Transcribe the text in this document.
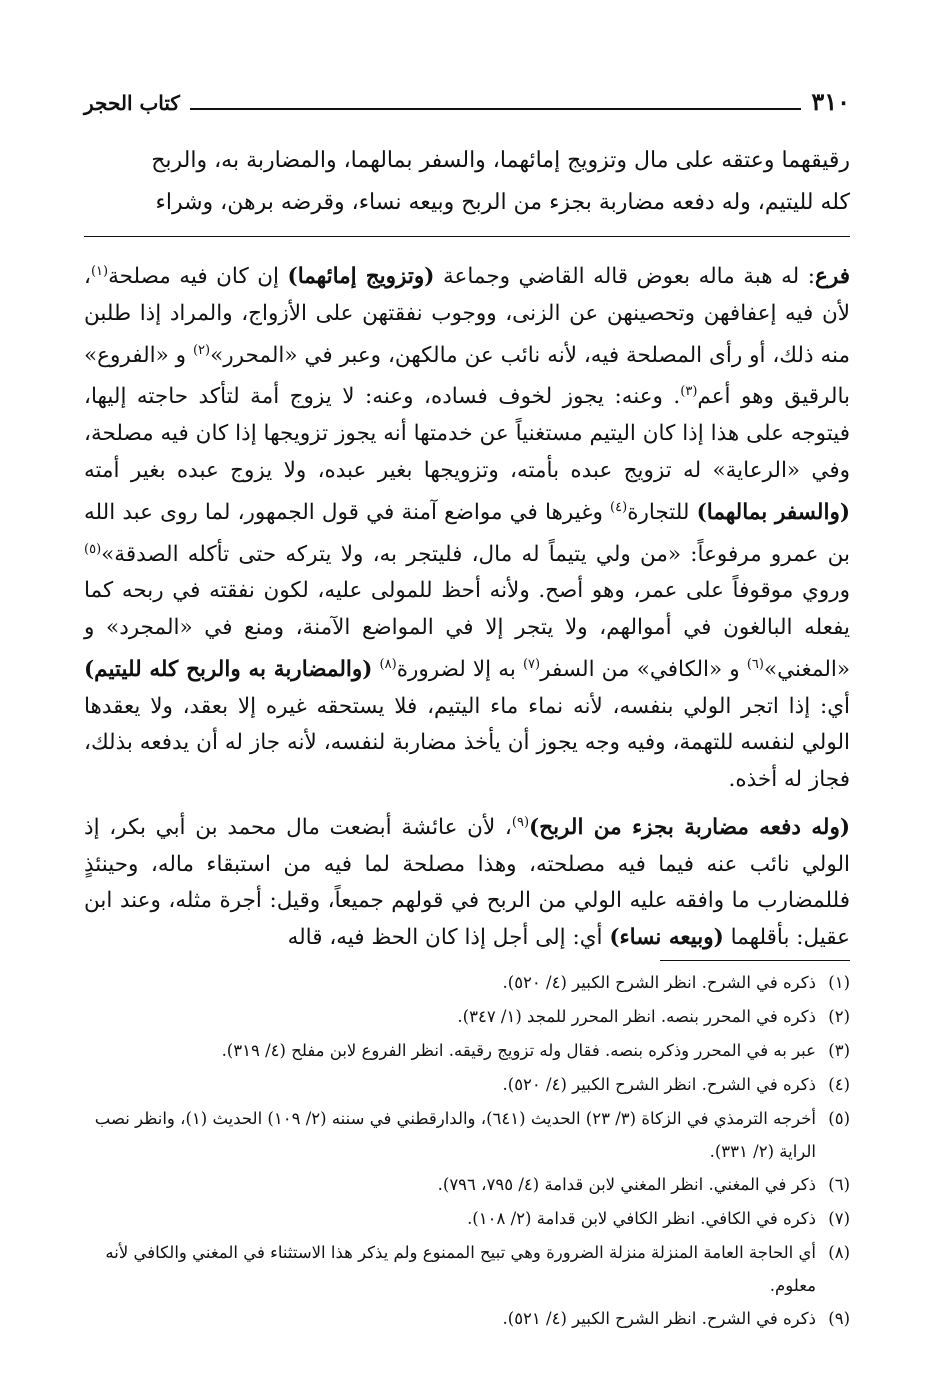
٣١٠
كتاب الحجر

رقيقهما وعتقه على مال وتزويج إمائهما، والسفر بمالهما، والمضاربة به، والربح

كله لليتيم، وله دفعه مضاربة بجزء من الربح وبيعه نساء، وقرضه برهن، وشراء

فرع: له هبة ماله بعوض قاله القاضي وجماعة (وتزويج إمائهما) إن كان فيه مصلحة$^{(١)}$، لأن فيه إعفافهن وتحصينهن عن الزنى، ووجوب نفقتهن على الأزواج، والمراد إذا طلبن منه ذلك، أو رأى المصلحة فيه، لأنه نائب عن مالكهن، وعبر في «المحرر»$^{(٢)}$ و «الفروع» بالرقيق وهو أعم$^{(٣)}$. وعنه: يجوز لخوف فساده، وعنه: لا يزوج أمة لتأكد حاجته إليها، فيتوجه على هذا إذا كان اليتيم مستغنياً عن خدمتها أنه يجوز تزويجها إذا كان فيه مصلحة، وفي «الرعاية» له تزويج عبده بأمته، وتزويجها بغير عبده، ولا يزوج عبده بغير أمته (والسفر بمالهما) للتجارة$^{(٤)}$ وغيرها في مواضع آمنة في قول الجمهور، لما روى عبد الله بن عمرو مرفوعاً: «من ولي يتيماً له مال، فليتجر به، ولا يتركه حتى تأكله الصدقة»$^{(٥)}$ وروي موقوفاً على عمر، وهو أصح. ولأنه أحظ للمولى عليه، لكون نفقته في ربحه كما يفعله البالغون في أموالهم، ولا يتجر إلا في المواضع الآمنة، ومنع في «المجرد» و «المغني»$^{(٦)}$ و «الكافي» من السفر$^{(٧)}$ به إلا لضرورة$^{(٨)}$ (والمضاربة به والربح كله لليتيم) أي: إذا اتجر الولي بنفسه، لأنه نماء ماء اليتيم، فلا يستحقه غيره إلا بعقد، ولا يعقدها الولي لنفسه للتهمة، وفيه وجه يجوز أن يأخذ مضاربة لنفسه، لأنه جاز له أن يدفعه بذلك، فجاز له أخذه.

(وله دفعه مضاربة بجزء من الربح)$^{(٩)}$، لأن عائشة أبضعت مال محمد بن أبي بكر، إذ الولي نائب عنه فيما فيه مصلحته، وهذا مصلحة لما فيه من استبقاء ماله، وحينئذٍ فللمضارب ما وافقه عليه الولي من الربح في قولهم جميعاً، وقيل: أجرة مثله، وعند ابن عقيل: بأقلهما (وبيعه نساء) أي: إلى أجل إذا كان الحظ فيه، قاله

(١)
ذكره في الشرح. انظر الشرح الكبير (٤/ ٥٢٠).
(٢)
ذكره في المحرر بنصه. انظر المحرر للمجد (١/ ٣٤٧).
(٣)
عبر به في المحرر وذكره بنصه. فقال وله تزويج رقيقه. انظر الفروع لابن مفلح (٤/ ٣١٩).
(٤)
ذكره في الشرح. انظر الشرح الكبير (٤/ ٥٢٠).
(٥)
أخرجه الترمذي في الزكاة (٣/ ٢٣) الحديث (٦٤١)، والدارقطني في سننه (٢/ ١٠٩) الحديث (١)، وانظر نصب الراية (٢/ ٣٣١).
(٦)
ذكر في المغني. انظر المغني لابن قدامة (٤/ ٧٩٥، ٧٩٦).
(٧)
ذكره في الكافي. انظر الكافي لابن قدامة (٢/ ١٠٨).
(٨)
أي الحاجة العامة المنزلة منزلة الضرورة وهي تبيح الممنوع ولم يذكر هذا الاستثناء في المغني والكافي لأنه معلوم.
(٩)
ذكره في الشرح. انظر الشرح الكبير (٤/ ٥٢١).
